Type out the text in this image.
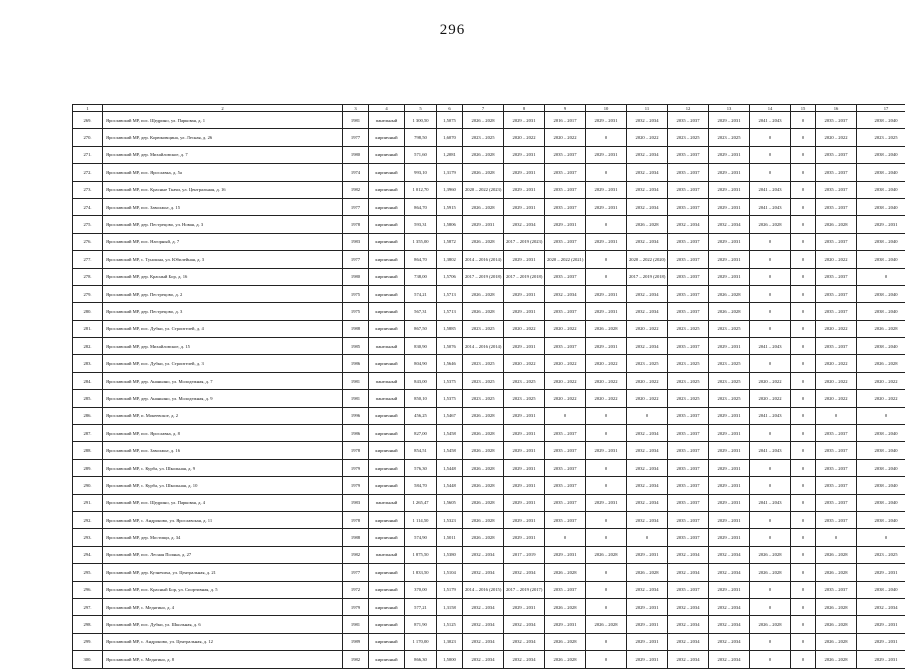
296
1	2	3	4	5	6	7	8	9	10	11	12	13	14	15	16	17
269.	Ярославский МР, пос. Щедрино, ул. Парковая, д. 1	1981	панельный	1 300,50	1,5075	2026 – 2028	2029 – 2031	2016 – 2017	2029 – 2031	2032 – 2034	2035 – 2037	2029 – 2031	2041 – 2043	0	2035 – 2037	2038 – 2040
270.	Ярославский МР, дер. Корюковщина, ул. Лесная, д. 26	1977	кирпичный	798,50	1,6070	2023 – 2025	2020 – 2022	2020 – 2022	0	2020 – 2022	2023 – 2025	2023 – 2025	0	0	2020 – 2022	2023 – 2025
271.	Ярославский МР, дер. Михайловское, д. 7	1980	кирпичный	571,60	1,2081	2026 – 2028	2029 – 2031	2035 – 2037	2029 – 2031	2032 – 2034	2035 – 2037	2029 – 2031	0	0	2035 – 2037	2038 – 2040
272.	Ярославский МР, пос. Ярославка, д. 5а	1974	кирпичный	993,10	1,3179	2026 – 2028	2029 – 2031	2035 – 2037	0	2032 – 2034	2035 – 2037	2029 – 2031	0	0	2035 – 2037	2038 – 2040
273.	Ярославский МР, пос. Красные Ткачи, ул. Центральная, д. 16	1982	кирпичный	1 012,70	1,3960	2020 – 2022 (2023)	2029 – 2031	2035 – 2037	2029 – 2031	2032 – 2034	2035 – 2037	2029 – 2031	2041 – 2043	0	2035 – 2037	2038 – 2040
274.	Ярославский МР, пос. Заволжье, д. 15	1977	кирпичный	864,70	1,5915	2026 – 2028	2029 – 2031	2035 – 2037	2029 – 2031	2032 – 2034	2035 – 2037	2029 – 2031	2041 – 2043	0	2035 – 2037	2038 – 2040
275.	Ярославский МР, дер. Пестрецово, ул. Новая, д. 3	1978	кирпичный	593,31	1,5806	2029 – 2031	2032 – 2034	2029 – 2031	0	2026 – 2028	2032 – 2034	2032 – 2034	2026 – 2028	0	2026 – 2028	2029 – 2031
276.	Ярославский МР, пос. Нагорный, д. 7	1983	кирпичный	1 355,00	1,5872	2026 – 2028	2017 – 2019 (2023)	2035 – 2037	2029 – 2031	2032 – 2034	2035 – 2037	2029 – 2031	0	0	2035 – 2037	2038 – 2040
277.	Ярославский МР, с. Туношна, ул. Юбилейная, д. 3	1977	кирпичный	864,70	1,3802	2014 – 2016 (2014)	2029 – 2031	2020 – 2022 (2021)	0	2020 – 2022 (2020)	2035 – 2037	2029 – 2031	0	0	2020 – 2022	2038 – 2040
278.	Ярославский МР, дер. Красный Бор, д. 16	1980	кирпичный	738,00	1,5706	2017 – 2019 (2018)	2017 – 2019 (2018)	2035 – 2037	0	2017 – 2019 (2018)	2035 – 2037	2029 – 2031	0	0	2035 – 2037	0
279.	Ярославский МР, дер. Пестрецово, д. 2	1975	кирпичный	574,21	1,5713	2026 – 2028	2029 – 2031	2032 – 2034	2029 – 2031	2032 – 2034	2035 – 2037	2026 – 2028	0	0	2035 – 2037	2038 – 2040
280.	Ярославский МР, дер. Пестрецово, д. 3	1975	кирпичный	567,31	1,5713	2026 – 2028	2029 – 2031	2035 – 2037	2029 – 2031	2032 – 2034	2035 – 2037	2026 – 2028	0	0	2035 – 2037	2038 – 2040
281.	Ярославский МР, пос. Дубки, ул. Строителей, д. 4	1988	кирпичный	867,50	1,5885	2023 – 2025	2020 – 2022	2020 – 2022	2026 – 2028	2020 – 2022	2023 – 2025	2023 – 2025	0	0	2020 – 2022	2026 – 2028
282.	Ярославский МР, дер. Михайловское, д. 15	1985	панельный	830,90	1,5076	2014 – 2016 (2014)	2029 – 2031	2035 – 2037	2029 – 2031	2032 – 2034	2035 – 2037	2029 – 2031	2041 – 2043	0	2035 – 2037	2038 – 2040
283.	Ярославский МР, пос. Дубки, ул. Строителей, д. 3	1986	кирпичный	804,90	1,5646	2023 – 2025	2020 – 2022	2020 – 2022	2020 – 2022	2023 – 2025	2023 – 2025	2023 – 2025	0	0	2020 – 2022	2026 – 2028
284.	Ярославский МР, дер. Ананьино, ул. Молодежная, д. 7	1981	панельный	843,00	1,5375	2023 – 2025	2023 – 2025	2020 – 2022	2020 – 2022	2020 – 2022	2023 – 2025	2023 – 2025	2020 – 2022	0	2020 – 2022	2020 – 2022
285.	Ярославский МР, дер. Ананьино, ул. Молодежная, д. 9	1981	панельный	850,10	1,5375	2023 – 2025	2023 – 2025	2020 – 2022	2020 – 2022	2020 – 2022	2023 – 2025	2023 – 2025	2020 – 2022	0	2020 – 2022	2020 – 2022
286.	Ярославский МР, п. Мокеевское, д. 2	1996	кирпичный	456,25	1,5467	2026 – 2028	2029 – 2031	0	0	0	2035 – 2037	2029 – 2031	2041 – 2043	0	0	0
287.	Ярославский МР, пос. Ярославка, д. 8	1986	кирпичный	827,00	1,5458	2026 – 2028	2029 – 2031	2035 – 2037	0	2032 – 2034	2035 – 2037	2029 – 2031	0	0	2035 – 2037	2038 – 2040
288.	Ярославский МР, пос. Заволжье, д. 16	1978	кирпичный	854,51	1,5458	2026 – 2028	2029 – 2031	2035 – 2037	2029 – 2031	2032 – 2034	2035 – 2037	2029 – 2031	2041 – 2043	0	2035 – 2037	2038 – 2040
289.	Ярославский МР, с. Курба, ул. Школьная, д. 9	1979	кирпичный	576,30	1,5448	2026 – 2028	2029 – 2031	2035 – 2037	0	2032 – 2034	2035 – 2037	2029 – 2031	0	0	2035 – 2037	2038 – 2040
290.	Ярославский МР, с. Курба, ул. Школьная, д. 10	1979	кирпичный	584,70	1,5448	2026 – 2028	2029 – 2031	2035 – 2037	0	2032 – 2034	2035 – 2037	2029 – 2031	0	0	2035 – 2037	2038 – 2040
291.	Ярославский МР, пос. Щедрино, ул. Парковая, д. 4	1983	панельный	1 265,47	1,5605	2026 – 2028	2029 – 2031	2035 – 2037	2029 – 2031	2032 – 2034	2035 – 2037	2029 – 2031	2041 – 2043	0	2035 – 2037	2038 – 2040
292.	Ярославский МР, с. Андроново, ул. Ярославская, д. 11	1978	кирпичный	1 114,50	1,5323	2026 – 2028	2029 – 2031	2035 – 2037	0	2032 – 2034	2035 – 2037	2029 – 2031	0	0	2035 – 2037	2038 – 2040
293.	Ярославский МР, дер. Мостищи, д. 34	1988	кирпичный	574,90	1,5011	2026 – 2028	2029 – 2031	0	0	0	2035 – 2037	2029 – 2031	0	0	0	0
294.	Ярославский МР, пос. Лесная Поляна, д. 27	1982	панельный	1 875,50	1,5380	2032 – 2034	2017 – 2019	2029 – 2031	2026 – 2028	2029 – 2031	2032 – 2034	2032 – 2034	2026 – 2028	0	2026 – 2028	2023 – 2025
295.	Ярославский МР, дер. Кузнечиха, ул. Центральная, д. 21	1977	кирпичный	1 833,50	1,5104	2032 – 2034	2032 – 2034	2026 – 2028	0	2026 – 2028	2032 – 2034	2032 – 2034	2026 – 2028	0	2026 – 2028	2029 – 2031
296.	Ярославский МР, пос. Красный Бор, ул. Спортивная, д. 5	1972	кирпичный	370,00	1,5179	2014 – 2016 (2015)	2017 – 2019 (2017)	2035 – 2037	0	2032 – 2034	2035 – 2037	2029 – 2031	0	0	2035 – 2037	2038 – 2040
297.	Ярославский МР, с. Медягино, д. 4	1979	кирпичный	577,21	1,3158	2032 – 2034	2029 – 2031	2026 – 2028	0	2029 – 2031	2032 – 2034	2032 – 2034	0	0	2026 – 2028	2032 – 2034
298.	Ярославский МР, пос. Дубки, ул. Школьная, д. 6	1981	кирпичный	871,90	1,5125	2032 – 2034	2032 – 2034	2029 – 2031	2026 – 2028	2029 – 2031	2032 – 2034	2032 – 2034	2026 – 2028	0	2026 – 2028	2029 – 2031
299.	Ярославский МР, с. Андроново, ул. Центральная, д. 12	1989	кирпичный	1 170,00	1,3023	2032 – 2034	2032 – 2034	2026 – 2028	0	2029 – 2031	2032 – 2034	2032 – 2034	0	0	2026 – 2028	2029 – 2031
300.	Ярославский МР, с. Медягино, д. 8	1982	кирпичный	866,30	1,5000	2032 – 2034	2032 – 2034	2026 – 2028	0	2029 – 2031	2032 – 2034	2032 – 2034	0	0	2026 – 2028	2029 – 2031
